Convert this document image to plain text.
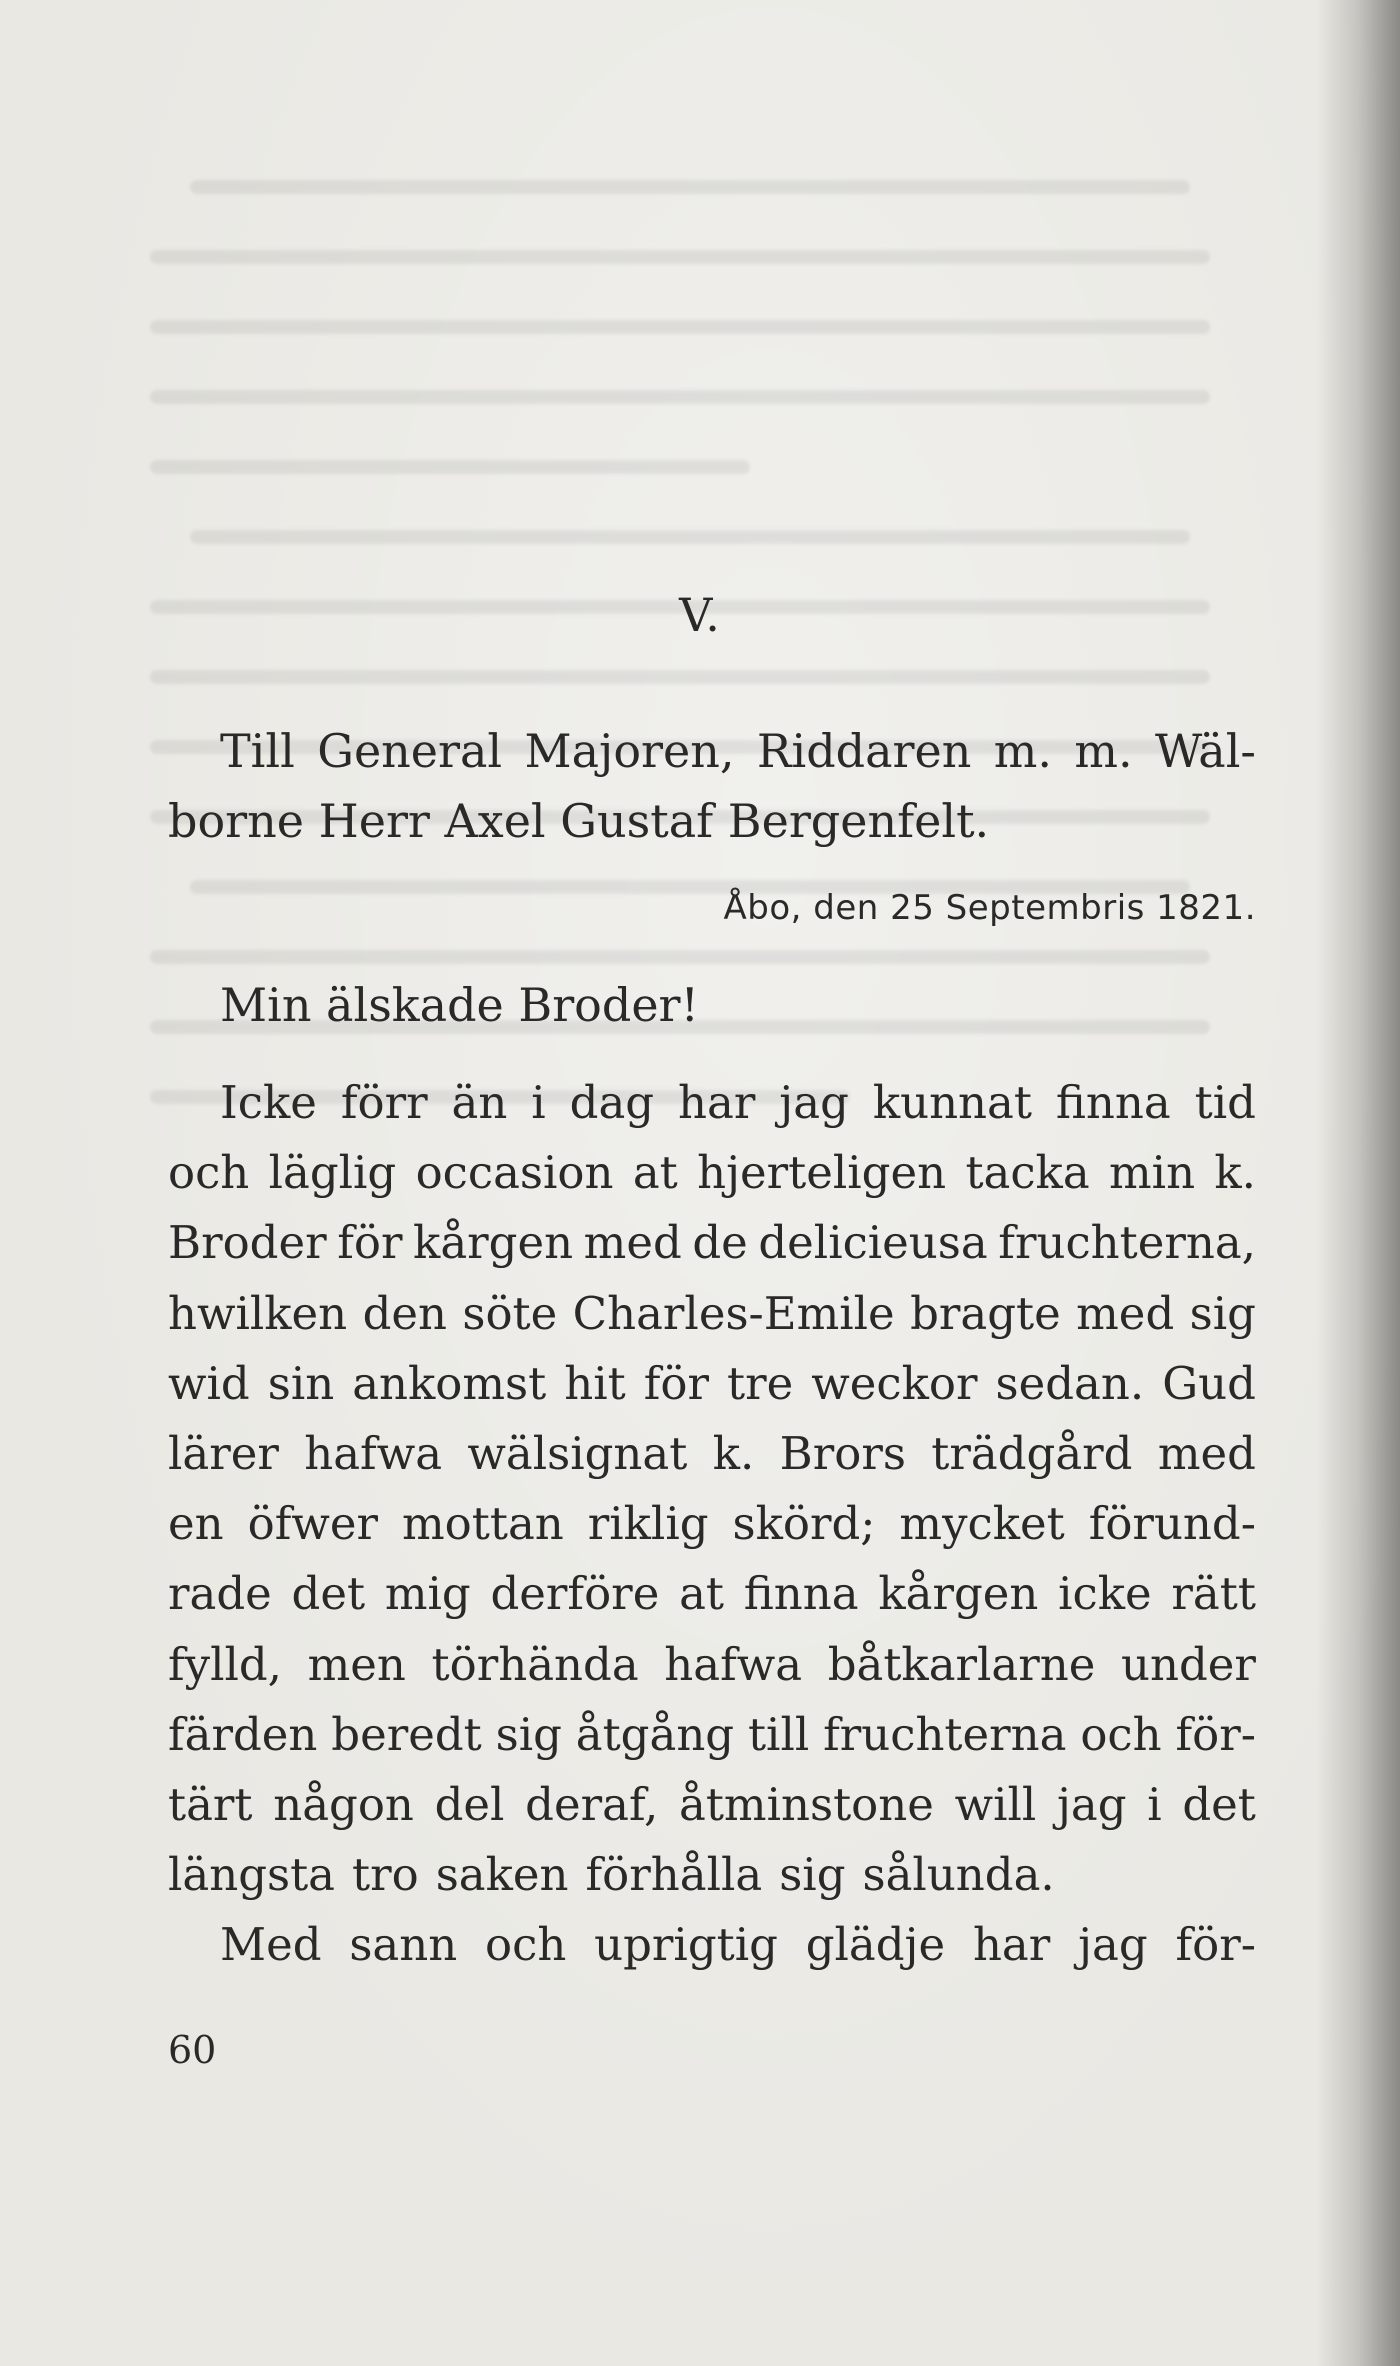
V.
Till General Majoren, Riddaren m. m. Wäl-
borne Herr Axel Gustaf Bergenfelt.
Åbo, den 25 Septembris 1821.
Min älskade Broder!
Icke förr än i dag har jag kunnat finna tid
och läglig occasion at hjerteligen tacka min k.
Broder för kårgen med de delicieusa fruchterna,
hwilken den söte Charles-Emile bragte med sig
wid sin ankomst hit för tre weckor sedan. Gud
lärer hafwa wälsignat k. Brors trädgård med
en öfwer mottan riklig skörd; mycket förund-
rade det mig derföre at finna kårgen icke rätt
fylld, men törhända hafwa båtkarlarne under
färden beredt sig åtgång till fruchterna och för-
tärt någon del deraf, åtminstone will jag i det
längsta tro saken förhålla sig sålunda.
Med sann och uprigtig glädje har jag för-
60
